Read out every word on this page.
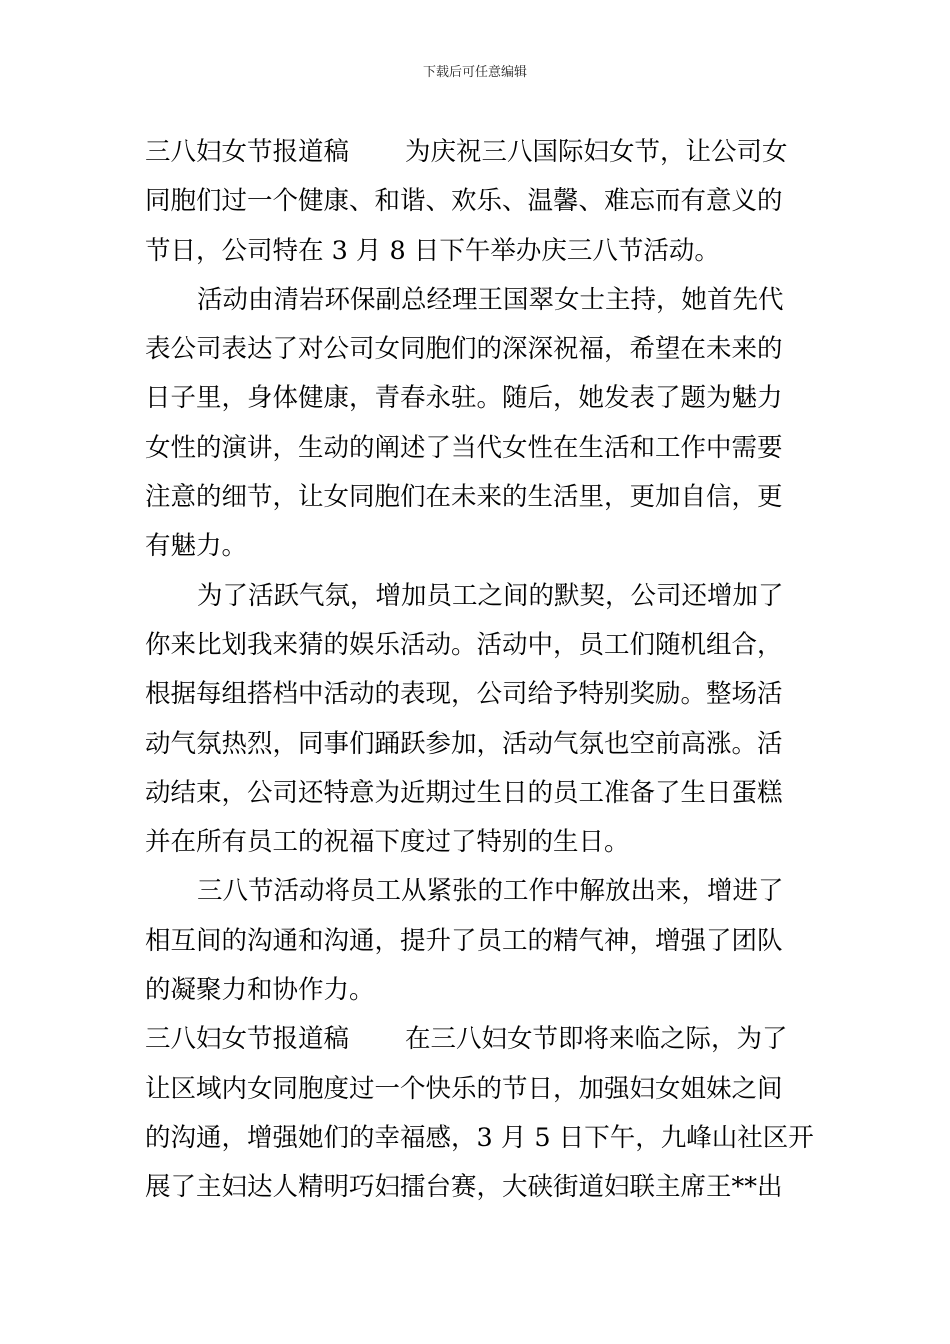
下载后可任意编辑
三八妇女节报道稿 为庆祝三八国际妇女节，让公司女
同胞们过一个健康、和谐、欢乐、温馨、难忘而有意义的
节日，公司特在 3 月 8 日下午举办庆三八节活动。
活动由清岩环保副总经理王国翠女士主持，她首先代
表公司表达了对公司女同胞们的深深祝福，希望在未来的
日子里，身体健康，青春永驻。随后，她发表了题为魅力
女性的演讲，生动的阐述了当代女性在生活和工作中需要
注意的细节，让女同胞们在未来的生活里，更加自信，更
有魅力。
为了活跃气氛，增加员工之间的默契，公司还增加了
你来比划我来猜的娱乐活动。活动中，员工们随机组合，
根据每组搭档中活动的表现，公司给予特别奖励。整场活
动气氛热烈，同事们踊跃参加，活动气氛也空前高涨。活
动结束，公司还特意为近期过生日的员工准备了生日蛋糕
并在所有员工的祝福下度过了特别的生日。
三八节活动将员工从紧张的工作中解放出来，增进了
相互间的沟通和沟通，提升了员工的精气神，增强了团队
的凝聚力和协作力。
三八妇女节报道稿 在三八妇女节即将来临之际，为了
让区域内女同胞度过一个快乐的节日，加强妇女姐妹之间
的沟通，增强她们的幸福感，3 月 5 日下午，九峰山社区开
展了主妇达人精明巧妇擂台赛，大硖街道妇联主席王**出
